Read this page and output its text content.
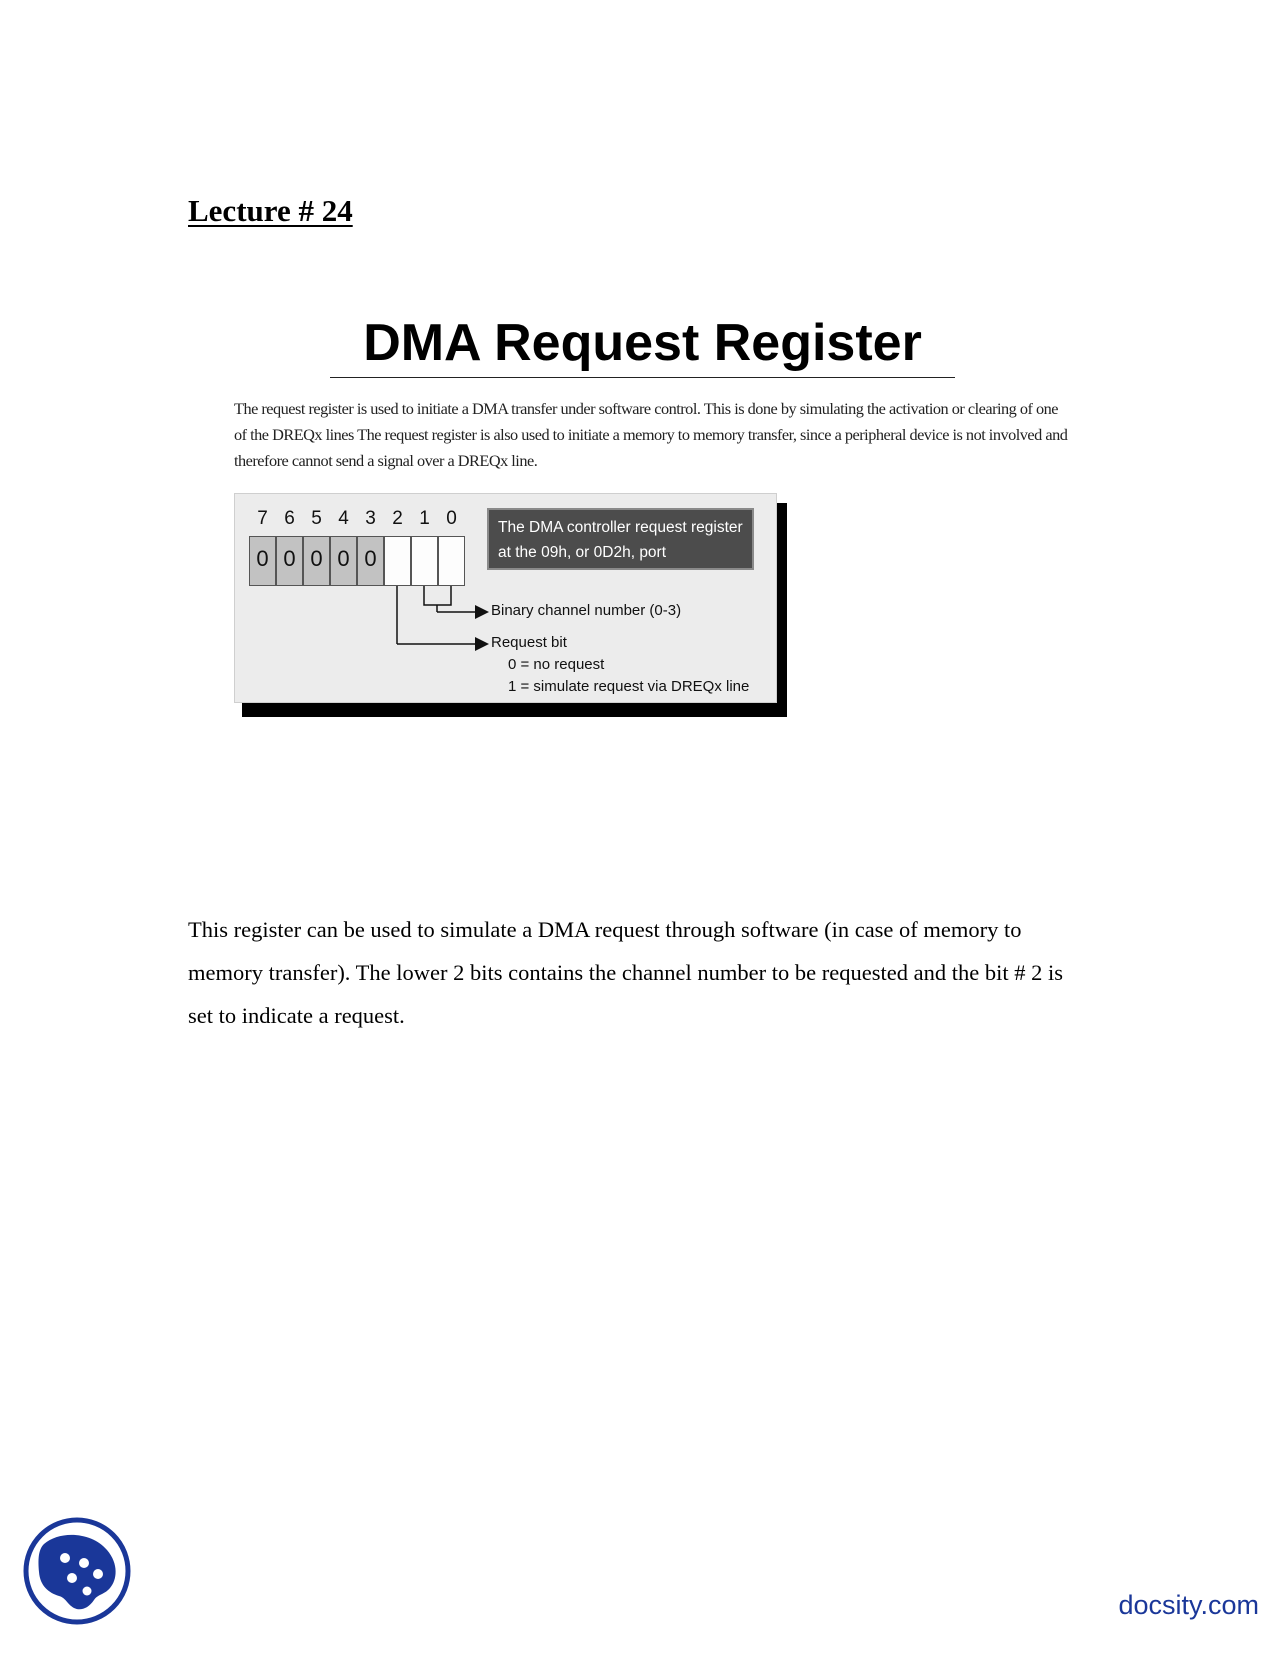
Lecture # 24
DMA Request Register

The request register is used to initiate a DMA transfer under software control. This is done by simulating the activation or clearing of one of the DREQx lines The request register is also used to initiate a memory to memory transfer, since a peripheral device is not involved and therefore cannot send a signal over a DREQx line.

7 6 5 4 3 2 1 0
0 0 0 0 0
The DMA controller request register
at the 09h, or 0D2h, port
Binary channel number (0-3)
Request bit
0 = no request
1 = simulate request via DREQx line

This register can be used to simulate a DMA request through software (in case of memory to memory transfer). The lower 2 bits contains the channel number to be requested and the bit # 2 is set to indicate a request.

docsity.com
